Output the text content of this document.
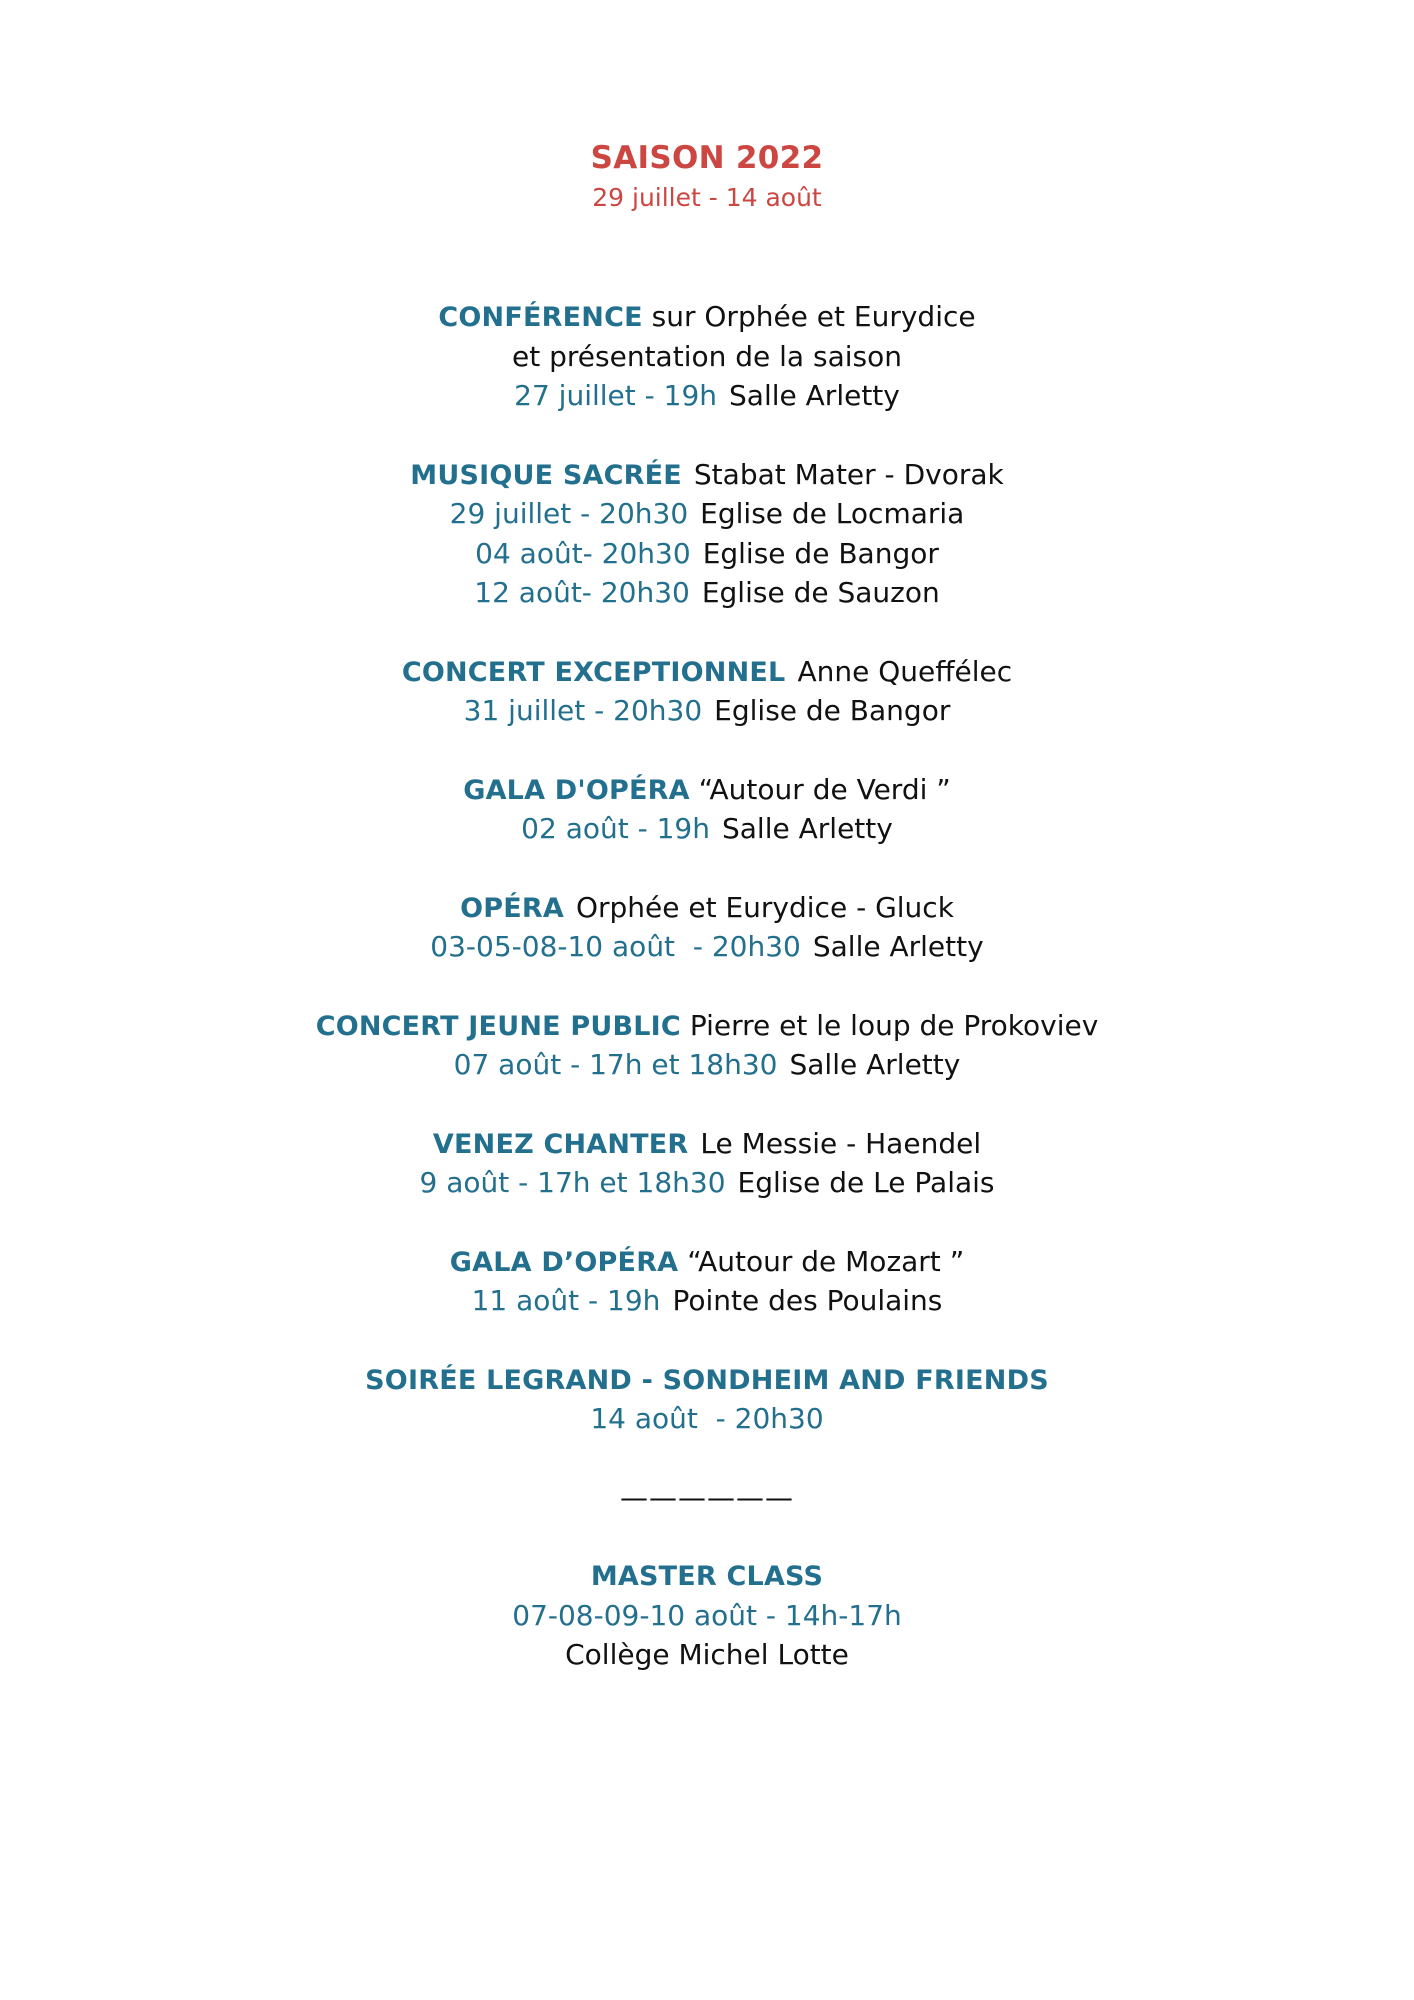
SAISON 2022
29 juillet - 14 août
CONFÉRENCE sur Orphée et Eurydice
et présentation de la saison
27 juillet - 19h Salle Arletty
MUSIQUE SACRÉE Stabat Mater - Dvorak
29 juillet - 20h30 Eglise de Locmaria
04 août- 20h30 Eglise de Bangor
12 août- 20h30 Eglise de Sauzon
CONCERT EXCEPTIONNEL Anne Queffélec
31 juillet - 20h30 Eglise de Bangor
GALA D'OPÉRA “Autour de Verdi ”
02 août - 19h Salle Arletty
OPÉRA Orphée et Eurydice - Gluck
03-05-08-10 août  - 20h30 Salle Arletty
CONCERT JEUNE PUBLIC Pierre et le loup de Prokoviev
07 août - 17h et 18h30 Salle Arletty
VENEZ CHANTER Le Messie - Haendel
9 août - 17h et 18h30 Eglise de Le Palais
GALA D’OPÉRA “Autour de Mozart ”
11 août - 19h Pointe des Poulains
SOIRÉE LEGRAND - SONDHEIM AND FRIENDS
14 août  - 20h30
——————
MASTER CLASS
07-08-09-10 août - 14h-17h
Collège Michel Lotte
